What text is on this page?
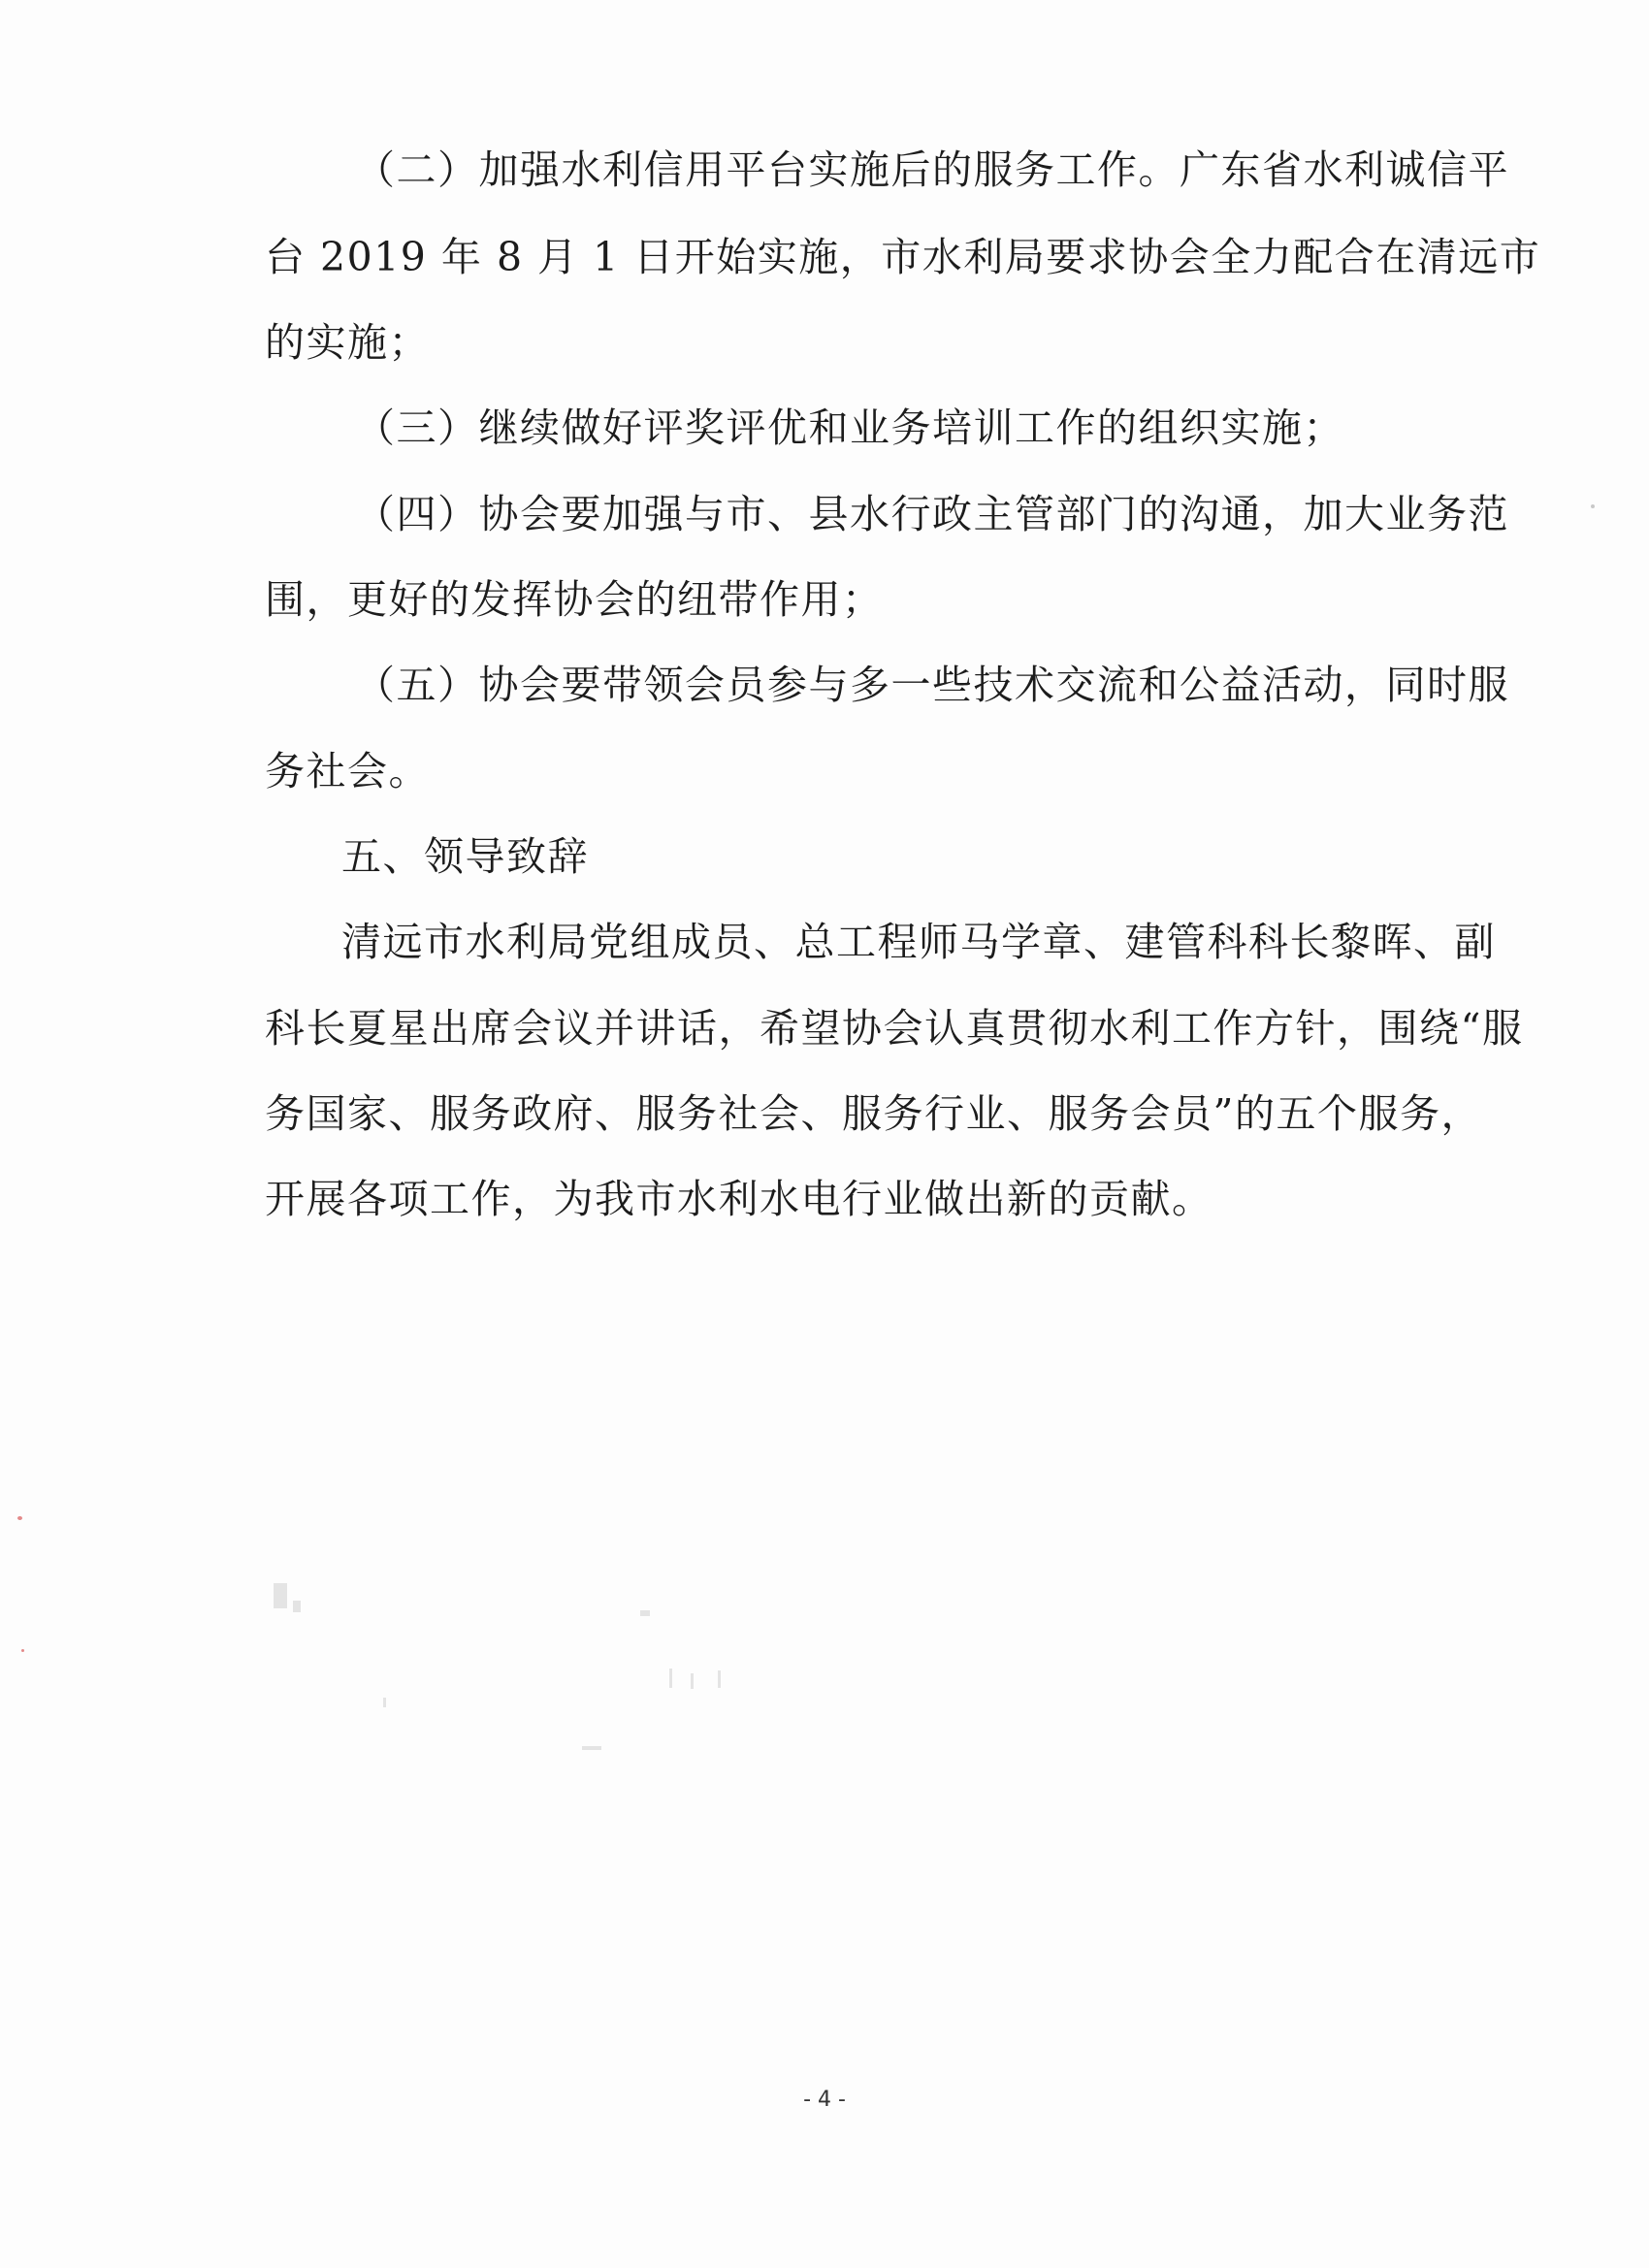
（二）加强水利信用平台实施后的服务工作。广东省水利诚信平
台 2019 年 8 月 1 日开始实施，市水利局要求协会全力配合在清远市
的实施；
（三）继续做好评奖评优和业务培训工作的组织实施；
（四）协会要加强与市、县水行政主管部门的沟通，加大业务范
围，更好的发挥协会的纽带作用；
（五）协会要带领会员参与多一些技术交流和公益活动，同时服
务社会。
五、领导致辞
清远市水利局党组成员、总工程师马学章、建管科科长黎晖、副
科长夏星出席会议并讲话，希望协会认真贯彻水利工作方针，围绕“服
务国家、服务政府、服务社会、服务行业、服务会员”的五个服务，
开展各项工作，为我市水利水电行业做出新的贡献。
- 4 -
